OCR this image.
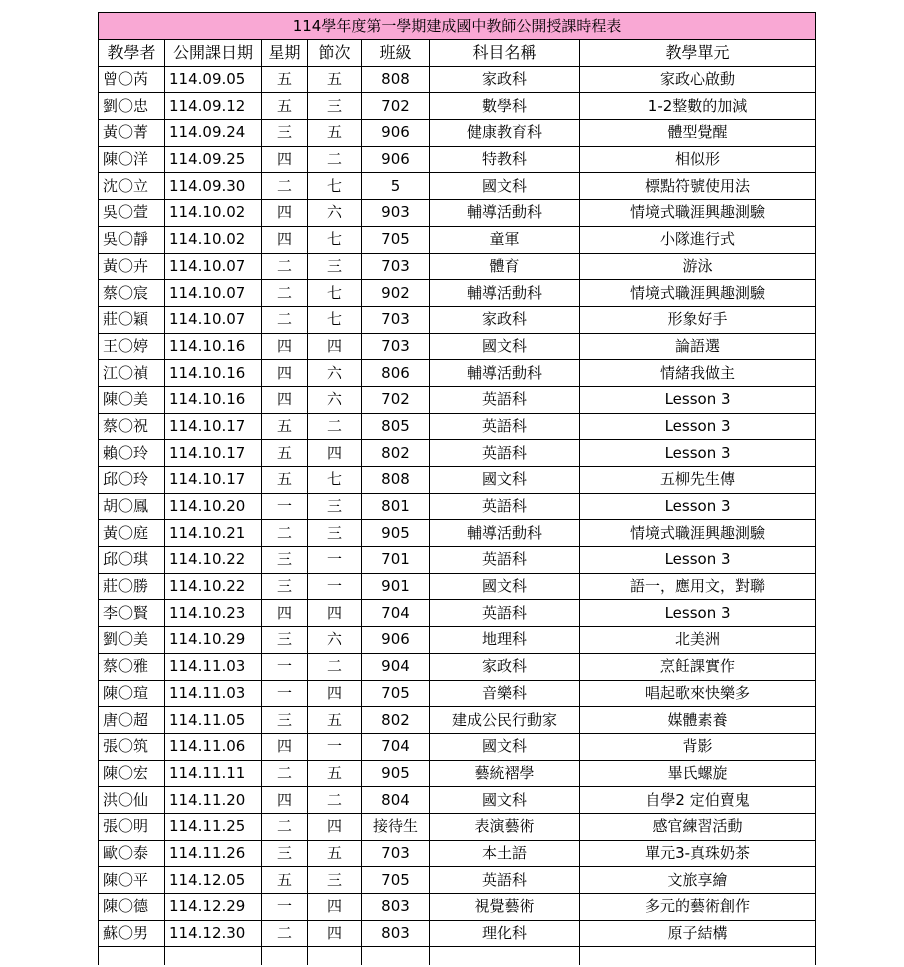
114學年度第一學期建成國中教師公開授課時程表						
教學者	公開課日期	星期	節次	班級	科目名稱	教學單元
曾〇芮	114.09.05	五	五	808	家政科	家政心啟動
劉〇忠	114.09.12	五	三	702	數學科	1-2整數的加減
黃〇菁	114.09.24	三	五	906	健康教育科	體型覺醒
陳〇洋	114.09.25	四	二	906	特教科	相似形
沈〇立	114.09.30	二	七	5	國文科	標點符號使用法
吳〇萱	114.10.02	四	六	903	輔導活動科	情境式職涯興趣測驗
吳〇靜	114.10.02	四	七	705	童軍	小隊進行式
黃〇卉	114.10.07	二	三	703	體育	游泳
蔡〇宸	114.10.07	二	七	902	輔導活動科	情境式職涯興趣測驗
莊〇穎	114.10.07	二	七	703	家政科	形象好手
王〇婷	114.10.16	四	四	703	國文科	論語選
江〇禎	114.10.16	四	六	806	輔導活動科	情緒我做主
陳〇美	114.10.16	四	六	702	英語科	Lesson 3
蔡〇祝	114.10.17	五	二	805	英語科	Lesson 3
賴〇玲	114.10.17	五	四	802	英語科	Lesson 3
邱〇玲	114.10.17	五	七	808	國文科	五柳先生傳
胡〇鳳	114.10.20	一	三	801	英語科	Lesson 3
黃〇庭	114.10.21	二	三	905	輔導活動科	情境式職涯興趣測驗
邱〇琪	114.10.22	三	一	701	英語科	Lesson 3
莊〇勝	114.10.22	三	一	901	國文科	語一，應用文，對聯
李〇賢	114.10.23	四	四	704	英語科	Lesson 3
劉〇美	114.10.29	三	六	906	地理科	北美洲
蔡〇雅	114.11.03	一	二	904	家政科	烹飪課實作
陳〇瑄	114.11.03	一	四	705	音樂科	唱起歌來快樂多
唐〇超	114.11.05	三	五	802	建成公民行動家	媒體素養
張〇筑	114.11.06	四	一	704	國文科	背影
陳〇宏	114.11.11	二	五	905	藝統褶學	畢氏螺旋
洪〇仙	114.11.20	四	二	804	國文科	自學2 定伯賣鬼
張〇明	114.11.25	二	四	接待生	表演藝術	感官練習活動
歐〇泰	114.11.26	三	五	703	本土語	單元3-真珠奶茶
陳〇平	114.12.05	五	三	705	英語科	文旅享繪
陳〇德	114.12.29	一	四	803	視覺藝術	多元的藝術創作
蘇〇男	114.12.30	二	四	803	理化科	原子結構
